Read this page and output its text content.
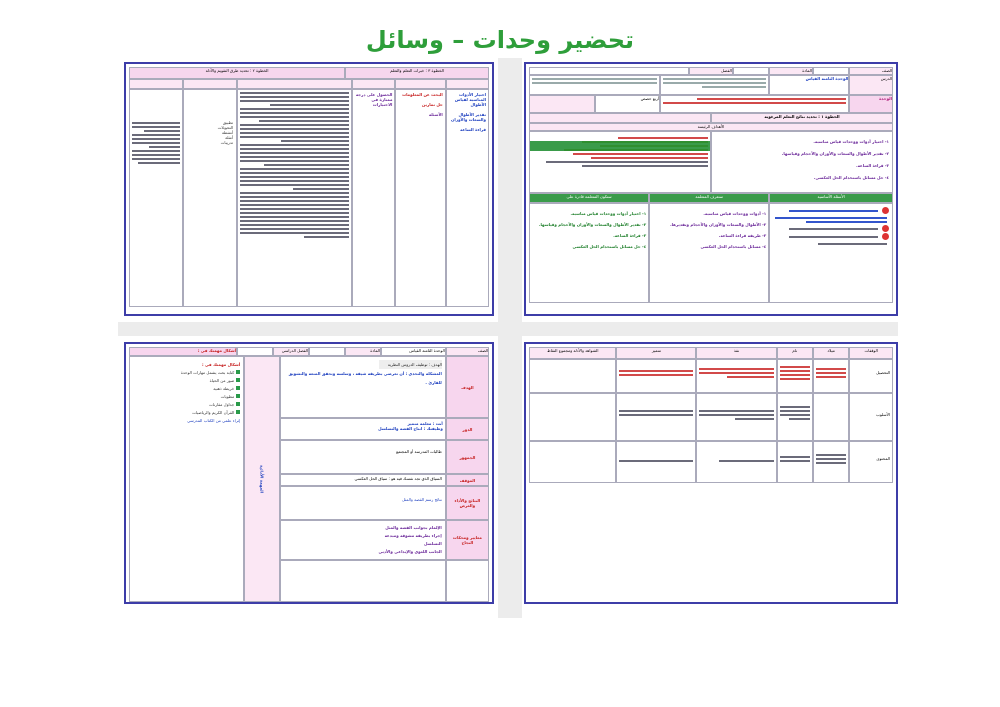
تحضير وحدات – وسائل
الخطوة ٣ : خبرات التعلم والتعلم
الخطوة ٢ : تحديد طرق التقويم والأدلة
اختيار الأدوات المناسبة لقياس الأطوال

تقدير الأطوال والسعات والأوزان

قراءة الساعة
البحث عن المعلومات

حل تمارين

الأسئلة
الحصول على درجة ممتازة في الاختبارات
تطبيق
التحويلات
أنشطة
أمثلة
تدريبات
الصف
المادة
الفصل
الدرس
الوحدة الثامنة القياس
الوحدة
أربع حصص
الخطوة ١ : تحديد نتائج التعلم المرغوبة
الأهداف الرئيسة
١- اختيار أدوات ووحدات قياس مناسبة.
٢- تقدير الأطوال والسعات والأوزان والأحجام وقياسها.
٣- قراءة الساعة.
٤- حل مسائل باستخدام الحل العكسي.
الأسئلة الأساسية
ستعرف المتعلمة
ستكون المتعلمة قادرة على
١- أدوات ووحدات قياس مناسبة.
٢- الأطوال والسعات والأوزان والأحجام وتقديرها.
٣- طريقة قراءة الساعة.
٤- مسائل باستخدام الحل العكسي
١- اختيار أدوات ووحدات قياس مناسبة.
٢- تقدير الأطوال والسعات والأوزان والأحجام وقياسها.
٣- قراءة الساعة.
٤- حل مسائل باستخدام الحل العكسي
الصف
الوحدة الثامنة القياس
المادة
الفصل الدراسي
أشكال مهمتك في :
الهدف
الدور
الجمهور
الموقف
النتائج والأداء والغرض
معايير ومحكات النجاح
الهدف : توظيف الدروس النظرية
المشكلة والتحدي : أن تعرضي بطريقة شيقة ، وسلسة وتحقق المتعة والتشويق للقارئ .
أنت : معلمة متميز
وظيفتك : انتاج القصة والتسلسل
طالبات المدرسة أو المجتمع
السياق الذي تجد نفسك فيه هو : سياق الحل العكسي
نتائج رسم القصة والمثل
الإلمام بجوانب القصة والمثل
إجراء بطريقة مشوقة ومبدعة
التسلسل
الجانب اللغوي والإبداعي والأدبي
المهمة الأدائية
أشكال مهمتك في :
كتابة بحث يشمل مهارات الوحدة
صور من الحياة
خريطة ذهنية
مطويات
جداول مقارنات
القرآن الكريم والرياضيات
إثراء علمي من الكتاب المدرسي
الوقفات
ميلاد
نام
نفذ
متميز
الشواهد والأدلة ومجموع النقاط
التحصيل
الأسلوب
المحتوى
